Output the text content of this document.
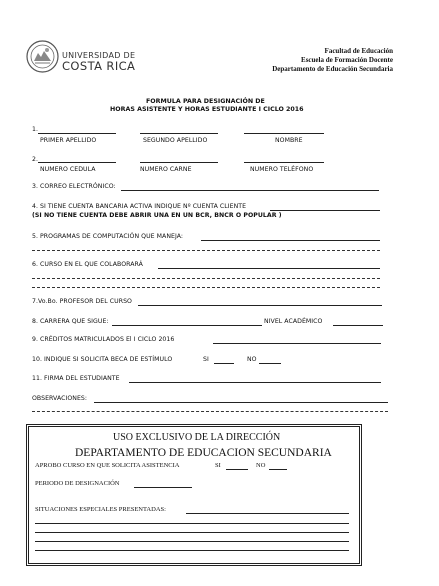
UNIVERSIDAD DE
COSTA RICA
Facultad de Educación
Escuela de Formación Docente
Departamento de Educación Secundaria
FORMULA PARA DESIGNACIÓN DE
HORAS ASISTENTE Y HORAS ESTUDIANTE I CICLO 2016
1.
PRIMER APELLIDO	SEGUNDO APELLIDO	NOMBRE
2.
NUMERO CEDULA	NUMERO CARNE	NUMERO TELÉFONO
3. CORREO ELECTRÓNICO:
4. SI TIENE CUENTA BANCARIA ACTIVA INDIQUE Nº CUENTA CLIENTE
(SI NO TIENE CUENTA DEBE ABRIR UNA EN UN BCR, BNCR O POPULAR )
5. PROGRAMAS DE COMPUTACIÓN QUE MANEJA:
6. CURSO EN EL QUE COLABORARÁ
7.Vo.Bo. PROFESOR DEL CURSO
8. CARRERA QUE SIGUE:	NIVEL ACADÉMICO
9. CRÉDITOS MATRICULADOS El I CICLO 2016
10. INDIQUE SI SOLICITA BECA DE ESTÍMULO	SI	NO
11. FIRMA DEL ESTUDIANTE
OBSERVACIONES:
USO EXCLUSIVO DE LA DIRECCIÓN
DEPARTAMENTO DE EDUCACION SECUNDARIA
APROBO CURSO EN QUE SOLICITA ASISTENCIA	SI	NO
PERIODO DE DESIGNACIÓN
SITUACIONES ESPECIALES PRESENTADAS:
